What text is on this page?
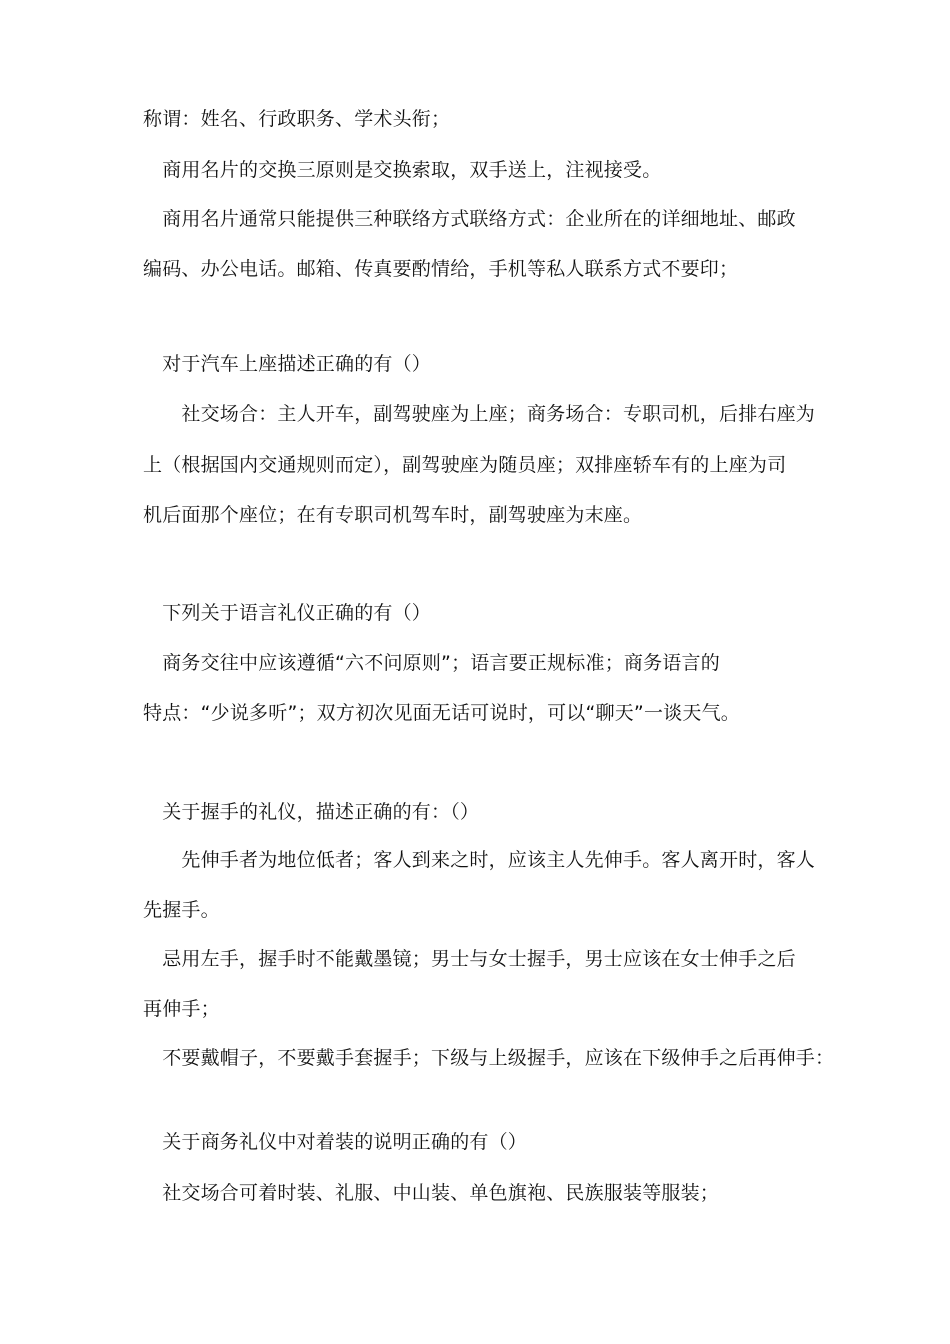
称谓：姓名、行政职务、学术头衔；
　商用名片的交换三原则是交换索取，双手送上，注视接受。
　商用名片通常只能提供三种联络方式联络方式：企业所在的详细地址、邮政
编码、办公电话。邮箱、传真要酌情给，手机等私人联系方式不要印；
　对于汽车上座描述正确的有（）
　　社交场合：主人开车，副驾驶座为上座；商务场合：专职司机，后排右座为
上（根据国内交通规则而定），副驾驶座为随员座；双排座轿车有的上座为司
机后面那个座位；在有专职司机驾车时，副驾驶座为末座。
　下列关于语言礼仪正确的有（）
　商务交往中应该遵循“六不问原则”；语言要正规标准；商务语言的
特点：“少说多听”；双方初次见面无话可说时，可以“聊天”一谈天气。
　关于握手的礼仪，描述正确的有：（）
　　先伸手者为地位低者；客人到来之时，应该主人先伸手。客人离开时，客人
先握手。
　忌用左手，握手时不能戴墨镜；男士与女士握手，男士应该在女士伸手之后
再伸手；
　不要戴帽子，不要戴手套握手；下级与上级握手，应该在下级伸手之后再伸手：
　关于商务礼仪中对着装的说明正确的有（）
　社交场合可着时装、礼服、中山装、单色旗袍、民族服装等服装；
